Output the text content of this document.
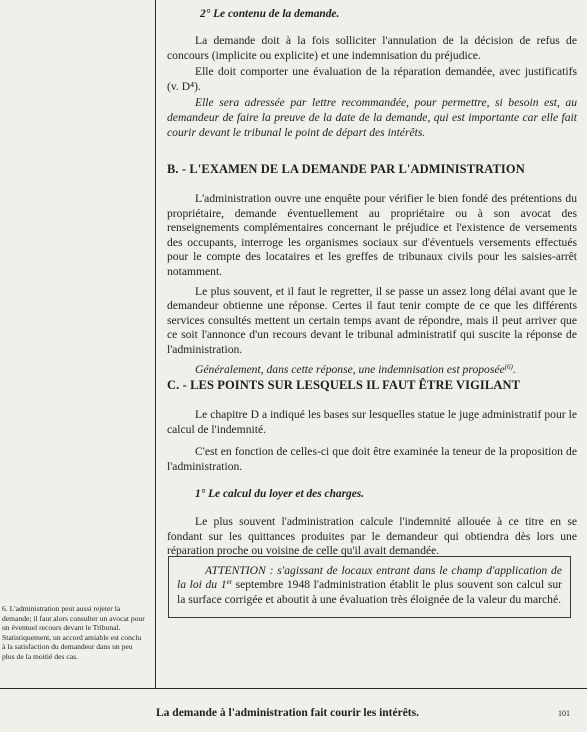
2° Le contenu de la demande.

La demande doit à la fois solliciter l'annulation de la décision de refus de concours (implicite ou explicite) et une indemnisation du préjudice.

Elle doit comporter une évaluation de la réparation demandée, avec justificatifs (v. D⁴).

Elle sera adressée par lettre recommandée, pour permettre, si besoin est, au demandeur de faire la preuve de la date de la demande, qui est importante car elle fait courir devant le tribunal le point de départ des intérêts.

B. - L'EXAMEN DE LA DEMANDE PAR L'ADMINISTRATION

L'administration ouvre une enquête pour vérifier le bien fondé des prétentions du propriétaire, demande éventuellement au propriétaire ou à son avocat des renseignements complémentaires concernant le préjudice et l'existence de versements des occupants, interroge les organismes sociaux sur d'éventuels versements effectués pour le compte des locataires et les greffes de tribunaux civils pour les saisies-arrêt notamment.

Le plus souvent, et il faut le regretter, il se passe un assez long délai avant que le demandeur obtienne une réponse. Certes il faut tenir compte de ce que les différents services consultés mettent un certain temps avant de répondre, mais il peut arriver que ce soit l'annonce d'un recours devant le tribunal administratif qui suscite la réponse de l'administration.

Généralement, dans cette réponse, une indemnisation est proposée$^{(6)}$.

C. - LES POINTS SUR LESQUELS IL FAUT ÊTRE VIGILANT

Le chapitre D a indiqué les bases sur lesquelles statue le juge administratif pour le calcul de l'indemnité.

C'est en fonction de celles-ci que doit être examinée la teneur de la proposition de l'administration.

1° Le calcul du loyer et des charges.

Le plus souvent l'administration calcule l'indemnité allouée à ce titre en se fondant sur les quittances produites par le demandeur qui obtiendra dès lors une réparation proche ou voisine de celle qu'il avait demandée.

ATTENTION : s'agissant de locaux entrant dans le champ d'application de la loi du 1er septembre 1948 l'administration établit le plus souvent son calcul sur la surface corrigée et aboutit à une évaluation très éloignée de la valeur du marché.

6. L'administration peut aussi rejeter la demande; il faut alors consulter un avocat pour un éventuel recours devant le Tribunal. Statistiquement, un accord amiable est conclu à la satisfaction du demandeur dans un peu plus de la moitié des cas.
La demande à l'administration fait courir les intérêts.	101
